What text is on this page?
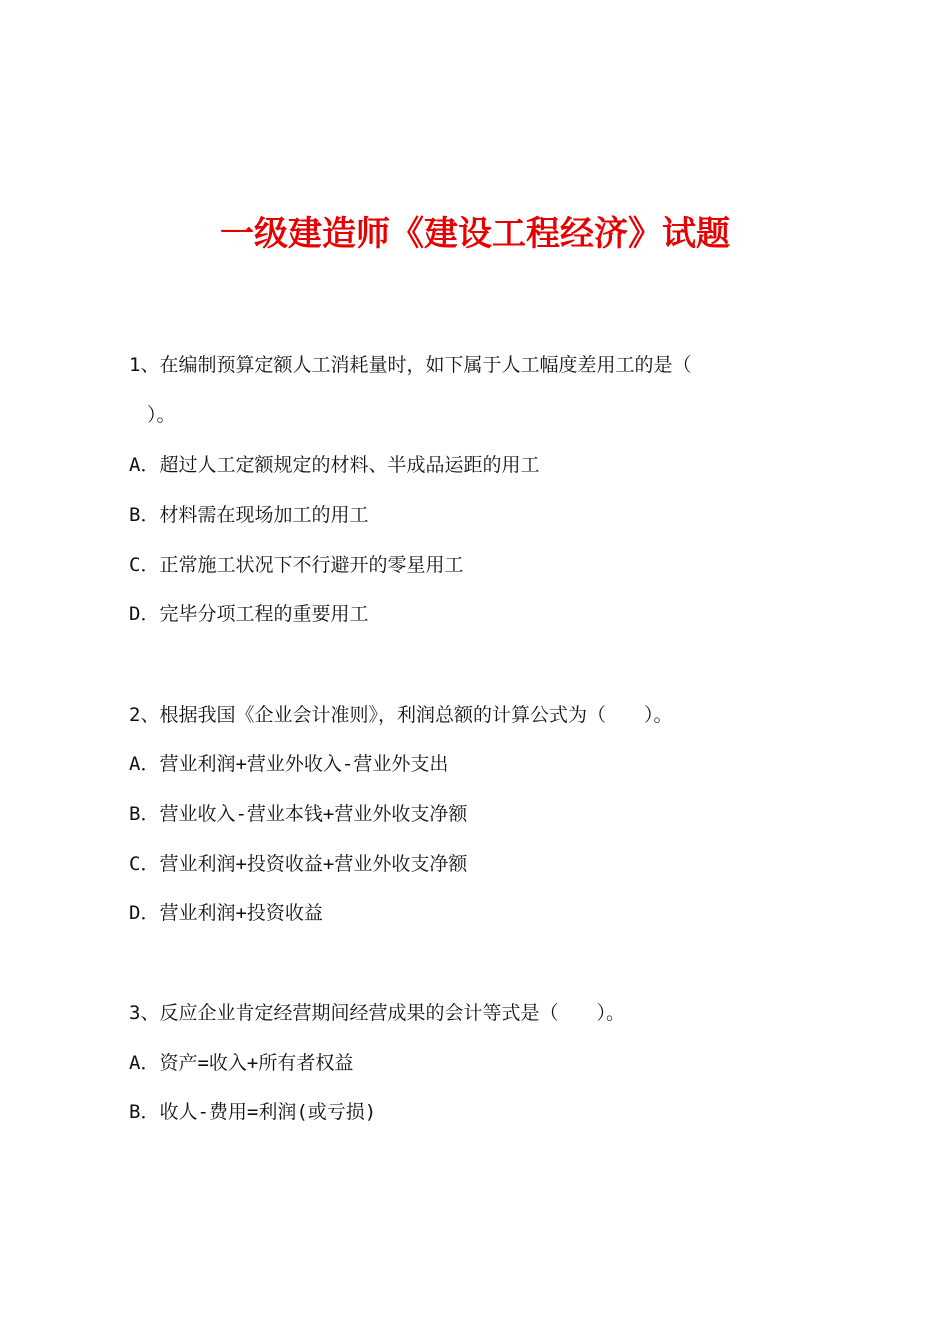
一级建造师《建设工程经济》试题

1、在编制预算定额人工消耗量时，如下属于人工幅度差用工的是（

）。

A．超过人工定额规定的材料、半成品运距的用工

B．材料需在现场加工的用工

C．正常施工状况下不行避开的零星用工

D．完毕分项工程的重要用工

2、根据我国《企业会计准则》，利润总额的计算公式为（　　）。

A．营业利润+营业外收入-营业外支出

B．营业收入-营业本钱+营业外收支净额

C．营业利润+投资收益+营业外收支净额

D．营业利润+投资收益

3、反应企业肯定经营期间经营成果的会计等式是（　　）。

A．资产=收入+所有者权益

B．收人-费用=利润(或亏损)
